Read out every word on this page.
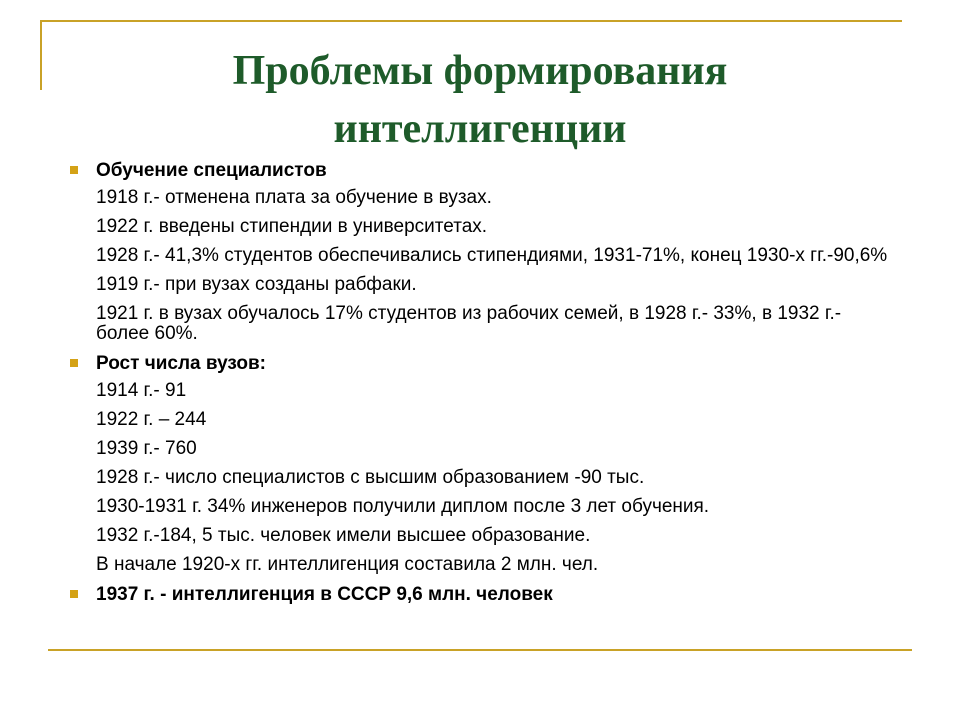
Проблемы формирования
интеллигенции
Обучение специалистов
1918 г.- отменена плата за обучение в вузах.
1922 г. введены стипендии в университетах.
1928 г.- 41,3% студентов обеспечивались стипендиями, 1931-71%, конец 1930-х гг.-90,6%
1919 г.- при вузах созданы рабфаки.
1921 г. в вузах обучалось 17% студентов из рабочих семей, в 1928 г.- 33%, в 1932 г.- более 60%.
Рост числа вузов:
1914 г.- 91
1922 г. – 244
1939 г.- 760
1928 г.- число специалистов с высшим образованием -90 тыс.
1930-1931 г. 34% инженеров получили диплом после 3 лет обучения.
1932 г.-184, 5 тыс. человек имели высшее образование.
В начале 1920-х гг. интеллигенция составила 2 млн. чел.
1937 г. - интеллигенция в СССР 9,6 млн. человек
